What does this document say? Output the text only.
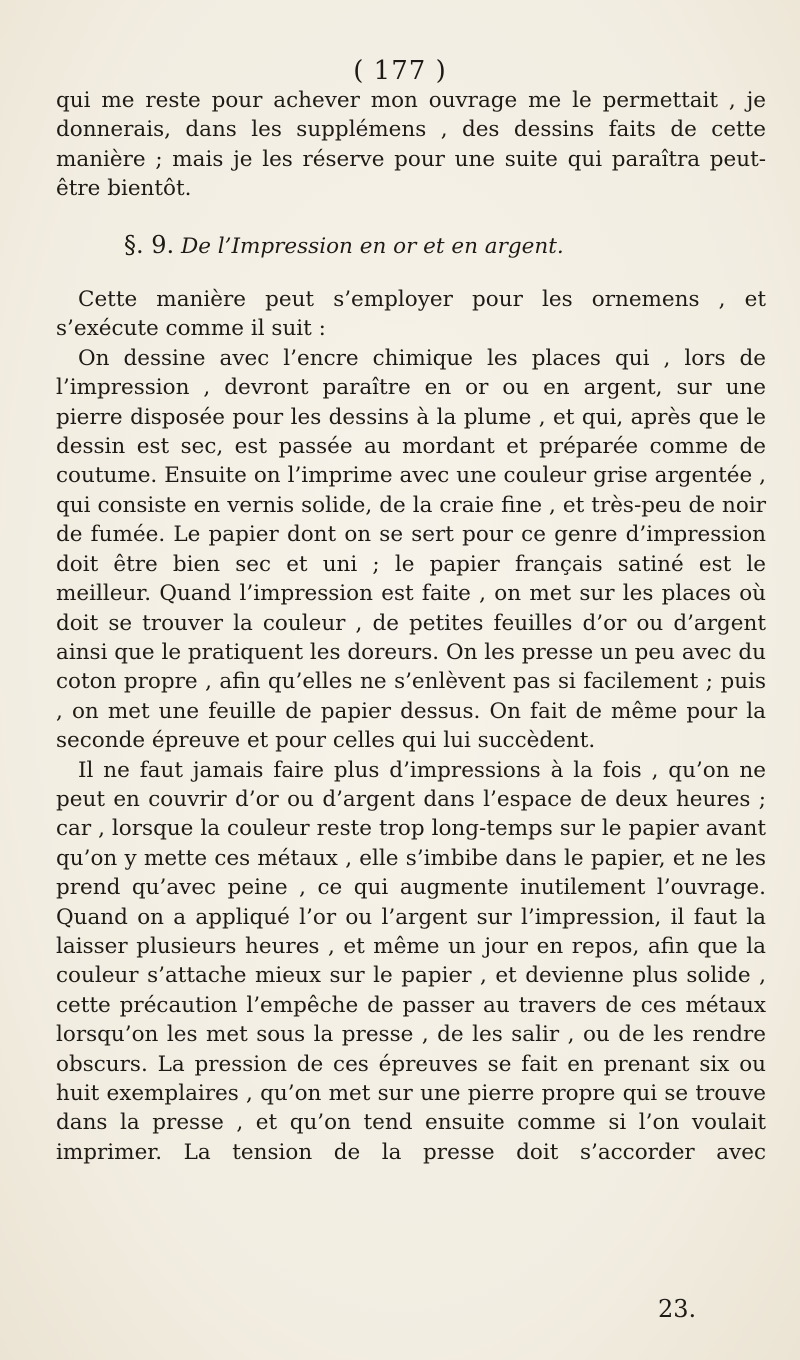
( 177 )

qui me reste pour achever mon ouvrage me le permettait , je donnerais, dans les supplémens , des dessins faits de cette manière ; mais je les réserve pour une suite qui paraîtra peut-être bientôt.

§. 9. De l’Impression en or et en argent.

Cette manière peut s’employer pour les ornemens , et s’exécute comme il suit :

On dessine avec l’encre chimique les places qui , lors de l’impression , devront paraître en or ou en argent, sur une pierre disposée pour les dessins à la plume , et qui, après que le dessin est sec, est passée au mordant et préparée comme de coutume. Ensuite on l’imprime avec une couleur grise argentée , qui consiste en vernis solide, de la craie fine , et très-peu de noir de fumée. Le papier dont on se sert pour ce genre d’impression doit être bien sec et uni ; le papier français satiné est le meilleur. Quand l’impression est faite , on met sur les places où doit se trouver la couleur , de petites feuilles d’or ou d’argent ainsi que le pratiquent les doreurs. On les presse un peu avec du coton propre , afin qu’elles ne s’enlèvent pas si facilement ; puis , on met une feuille de papier dessus. On fait de même pour la seconde épreuve et pour celles qui lui succèdent.

Il ne faut jamais faire plus d’impressions à la fois , qu’on ne peut en couvrir d’or ou d’argent dans l’espace de deux heures ; car , lorsque la couleur reste trop long-temps sur le papier avant qu’on y mette ces métaux , elle s’imbibe dans le papier, et ne les prend qu’avec peine , ce qui augmente inutilement l’ouvrage. Quand on a appliqué l’or ou l’argent sur l’impression, il faut la laisser plusieurs heures , et même un jour en repos, afin que la couleur s’attache mieux sur le papier , et devienne plus solide , cette précaution l’empêche de passer au travers de ces métaux lorsqu’on les met sous la presse , de les salir , ou de les rendre obscurs. La pression de ces épreuves se fait en prenant six ou huit exemplaires , qu’on met sur une pierre propre qui se trouve dans la presse , et qu’on tend ensuite comme si l’on voulait imprimer. La tension de la presse doit s’accorder avec

23.
